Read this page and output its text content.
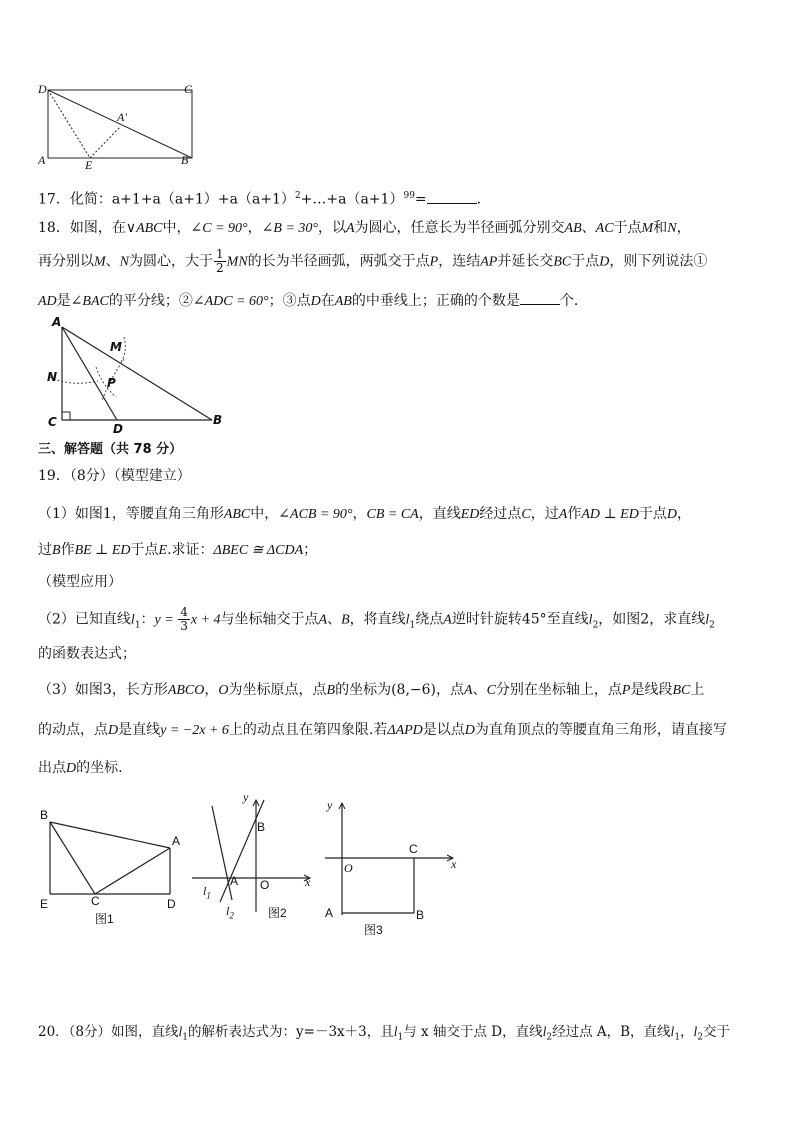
D	C
A'
A	E	B
17．化简：$a+1+a(a+1)+a(a+1)^2+\dots+a(a+1)^{99}=$	.
18．如图，在∨ABC中，∠C = 90°，∠B = 30°，以A为圆心，任意长为半径画弧分别交AB、AC于点M和N，
再分别以M、N为圆心，大于 $\frac{1}{2}$ MN的长为半径画弧，两弧交于点P，连结AP并延长交BC于点D，则下列说法①
AD是∠BAC的平分线；②∠ADC = 60°；③点D在AB的中垂线上；正确的个数是	个．
A
M
N	P
C	D
B
三、解答题（共 78 分）
19．（8分）（模型建立）
（1）如图1，等腰直角三角形ABC中，∠ACB = 90°，CB = CA，直线ED经过点C，过A作AD ⊥ ED于点D，
过B作BE ⊥ ED于点E.求证：ΔBEC ≅ ΔCDA；
（模型应用）
（2）已知直线$l_1$：$y = \frac{4}{3}$ x + 4与坐标轴交于点A、B，将直线$l_1$绕点A逆时针旋转45°至直线$l_2$，如图2，求直线$l_2$
的函数表达式；
（3）如图3，长方形ABCO，O为坐标原点，点B的坐标为(8,−6)，点A、C分别在坐标轴上，点P是线段BC上
的动点，点D是直线y = −2x + 6上的动点且在第四象限.若ΔAPD是以点D为直角顶点的等腰直角三角形，请直接写
出点D的坐标.
B
A
E	C	D
图1
y
B
A O	x
$l_1$
$l_2$	图2
y
C
O	x
A	B
图3
20．（8分）如图，直线$l_1$的解析表达式为：y=－3x＋3，且$l_1$与 x 轴交于点 D，直线$l_2$经过点 A，B，直线$l_1$，$l_2$交于
